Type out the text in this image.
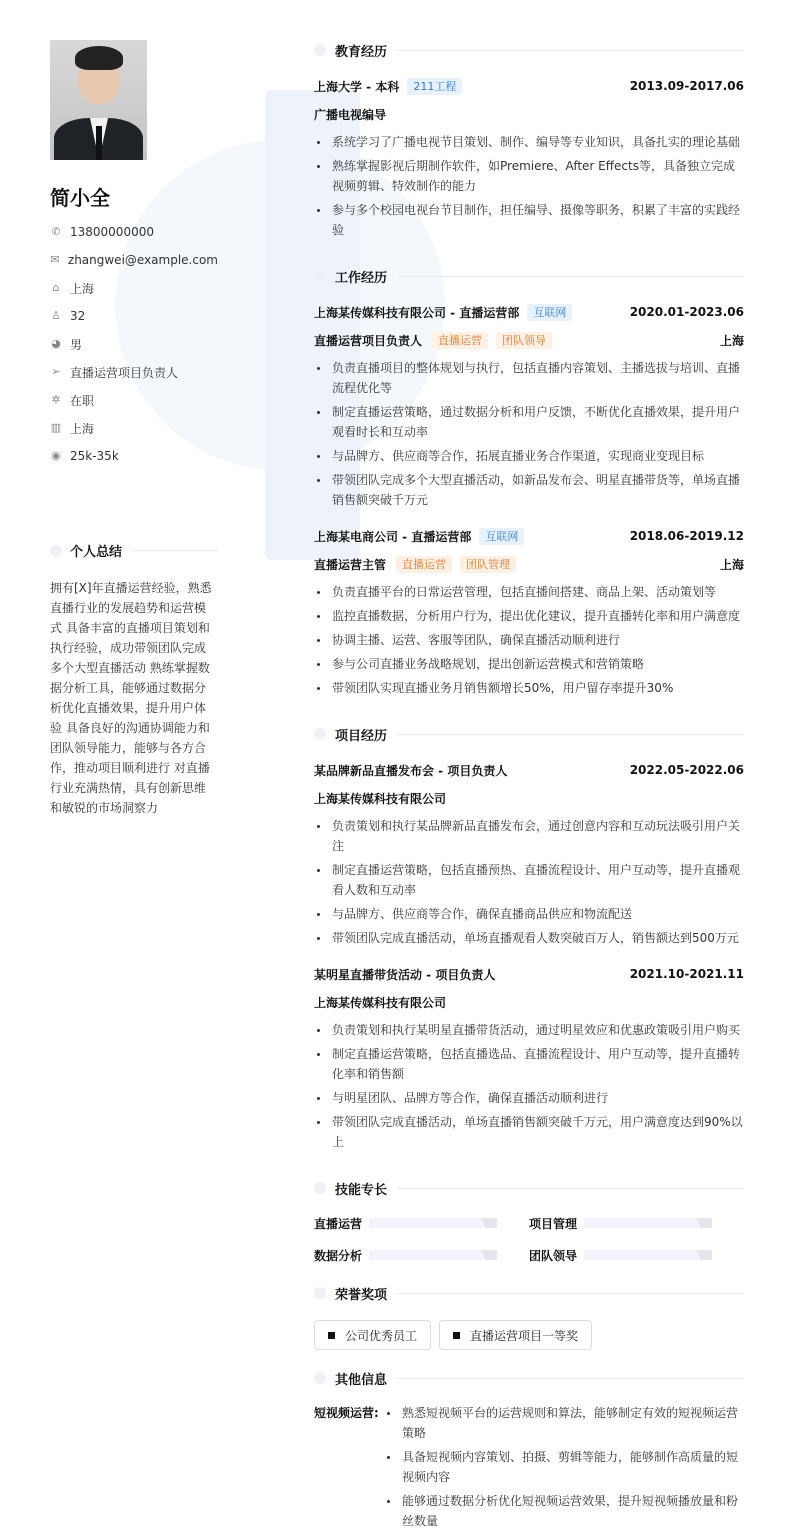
简小全
✆ 13800000000
✉ zhangwei@example.com
⌂ 上海
♙ 32
◕ 男
➢ 直播运营项目负责人
✲ 在职
▥ 上海
◉ 25k-35k
个人总结
拥有[X]年直播运营经验，熟悉直播行业的发展趋势和运营模式 具备丰富的直播项目策划和执行经验，成功带领团队完成多个大型直播活动 熟练掌握数据分析工具，能够通过数据分析优化直播效果，提升用户体验 具备良好的沟通协调能力和团队领导能力，能够与各方合作，推动项目顺利进行 对直播行业充满热情，具有创新思维和敏锐的市场洞察力
教育经历
上海大学 - 本科	211工程	2013.09-2017.06
广播电视编导
系统学习了广播电视节目策划、制作、编导等专业知识，具备扎实的理论基础
熟练掌握影视后期制作软件，如Premiere、After Effects等，具备独立完成视频剪辑、特效制作的能力
参与多个校园电视台节目制作，担任编导、摄像等职务，积累了丰富的实践经验
工作经历
上海某传媒科技有限公司 - 直播运营部	互联网	2020.01-2023.06
直播运营项目负责人	直播运营	团队领导	上海
负责直播项目的整体规划与执行，包括直播内容策划、主播选拔与培训、直播流程优化等
制定直播运营策略，通过数据分析和用户反馈，不断优化直播效果，提升用户观看时长和互动率
与品牌方、供应商等合作，拓展直播业务合作渠道，实现商业变现目标
带领团队完成多个大型直播活动，如新品发布会、明星直播带货等，单场直播销售额突破千万元
上海某电商公司 - 直播运营部	互联网	2018.06-2019.12
直播运营主管	直播运营	团队管理	上海
负责直播平台的日常运营管理，包括直播间搭建、商品上架、活动策划等
监控直播数据，分析用户行为，提出优化建议，提升直播转化率和用户满意度
协调主播、运营、客服等团队，确保直播活动顺利进行
参与公司直播业务战略规划，提出创新运营模式和营销策略
带领团队实现直播业务月销售额增长50%，用户留存率提升30%
项目经历
某品牌新品直播发布会 - 项目负责人	2022.05-2022.06
上海某传媒科技有限公司
负责策划和执行某品牌新品直播发布会，通过创意内容和互动玩法吸引用户关注
制定直播运营策略，包括直播预热、直播流程设计、用户互动等，提升直播观看人数和互动率
与品牌方、供应商等合作，确保直播商品供应和物流配送
带领团队完成直播活动，单场直播观看人数突破百万人，销售额达到500万元
某明星直播带货活动 - 项目负责人	2021.10-2021.11
上海某传媒科技有限公司
负责策划和执行某明星直播带货活动，通过明星效应和优惠政策吸引用户购买
制定直播运营策略，包括直播选品、直播流程设计、用户互动等，提升直播转化率和销售额
与明星团队、品牌方等合作，确保直播活动顺利进行
带领团队完成直播活动，单场直播销售额突破千万元，用户满意度达到90%以上
技能专长
直播运营	项目管理
数据分析	团队领导
荣誉奖项
公司优秀员工	直播运营项目一等奖
其他信息
短视频运营:	熟悉短视频平台的运营规则和算法，能够制定有效的短视频运营策略
具备短视频内容策划、拍摄、剪辑等能力，能够制作高质量的短视频内容
能够通过数据分析优化短视频运营效果，提升短视频播放量和粉丝数量
